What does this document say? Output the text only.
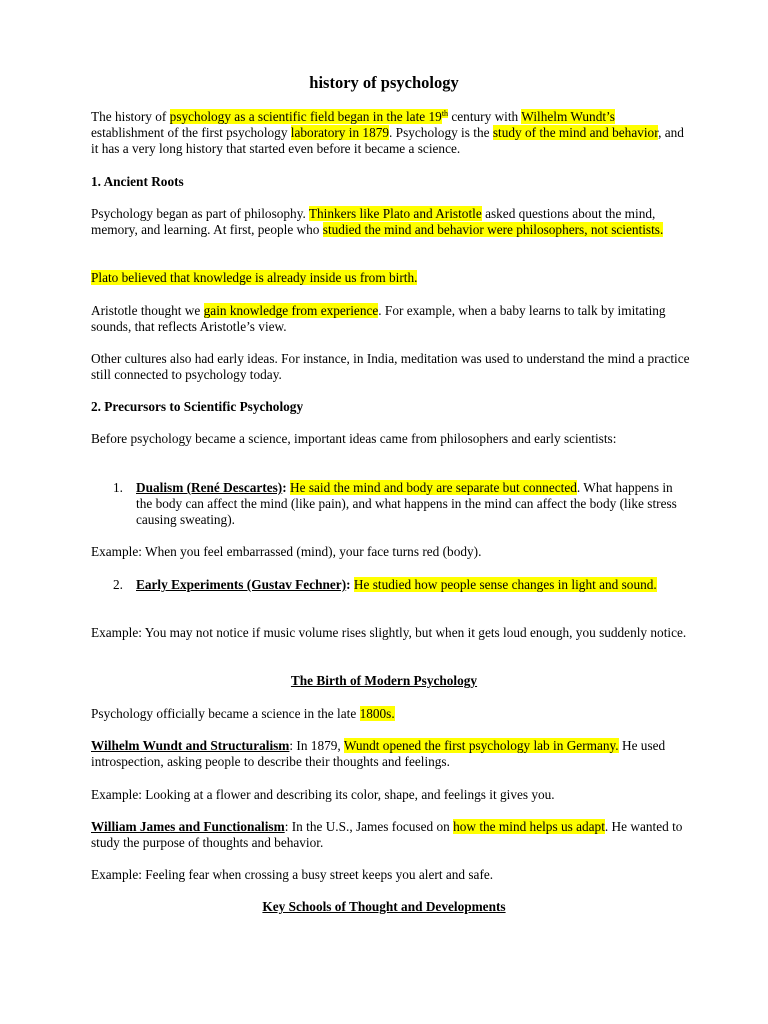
history of psychology

The history of psychology as a scientific field began in the late 19th century with Wilhelm Wundt’s establishment of the first psychology laboratory in 1879. Psychology is the study of the mind and behavior, and it has a very long history that started even before it became a science.

1. Ancient Roots

Psychology began as part of philosophy. Thinkers like Plato and Aristotle asked questions about the mind, memory, and learning. At first, people who studied the mind and behavior were philosophers, not scientists.

Plato believed that knowledge is already inside us from birth.

Aristotle thought we gain knowledge from experience. For example, when a baby learns to talk by imitating sounds, that reflects Aristotle’s view.

Other cultures also had early ideas. For instance, in India, meditation was used to understand the mind a practice still connected to psychology today.

2. Precursors to Scientific Psychology

Before psychology became a science, important ideas came from philosophers and early scientists:

1. Dualism (René Descartes): He said the mind and body are separate but connected. What happens in the body can affect the mind (like pain), and what happens in the mind can affect the body (like stress causing sweating).

Example: When you feel embarrassed (mind), your face turns red (body).

2. Early Experiments (Gustav Fechner): He studied how people sense changes in light and sound.

Example: You may not notice if music volume rises slightly, but when it gets loud enough, you suddenly notice.

The Birth of Modern Psychology

Psychology officially became a science in the late 1800s.

Wilhelm Wundt and Structuralism: In 1879, Wundt opened the first psychology lab in Germany. He used introspection, asking people to describe their thoughts and feelings.

Example: Looking at a flower and describing its color, shape, and feelings it gives you.

William James and Functionalism: In the U.S., James focused on how the mind helps us adapt. He wanted to study the purpose of thoughts and behavior.

Example: Feeling fear when crossing a busy street keeps you alert and safe.

Key Schools of Thought and Developments
